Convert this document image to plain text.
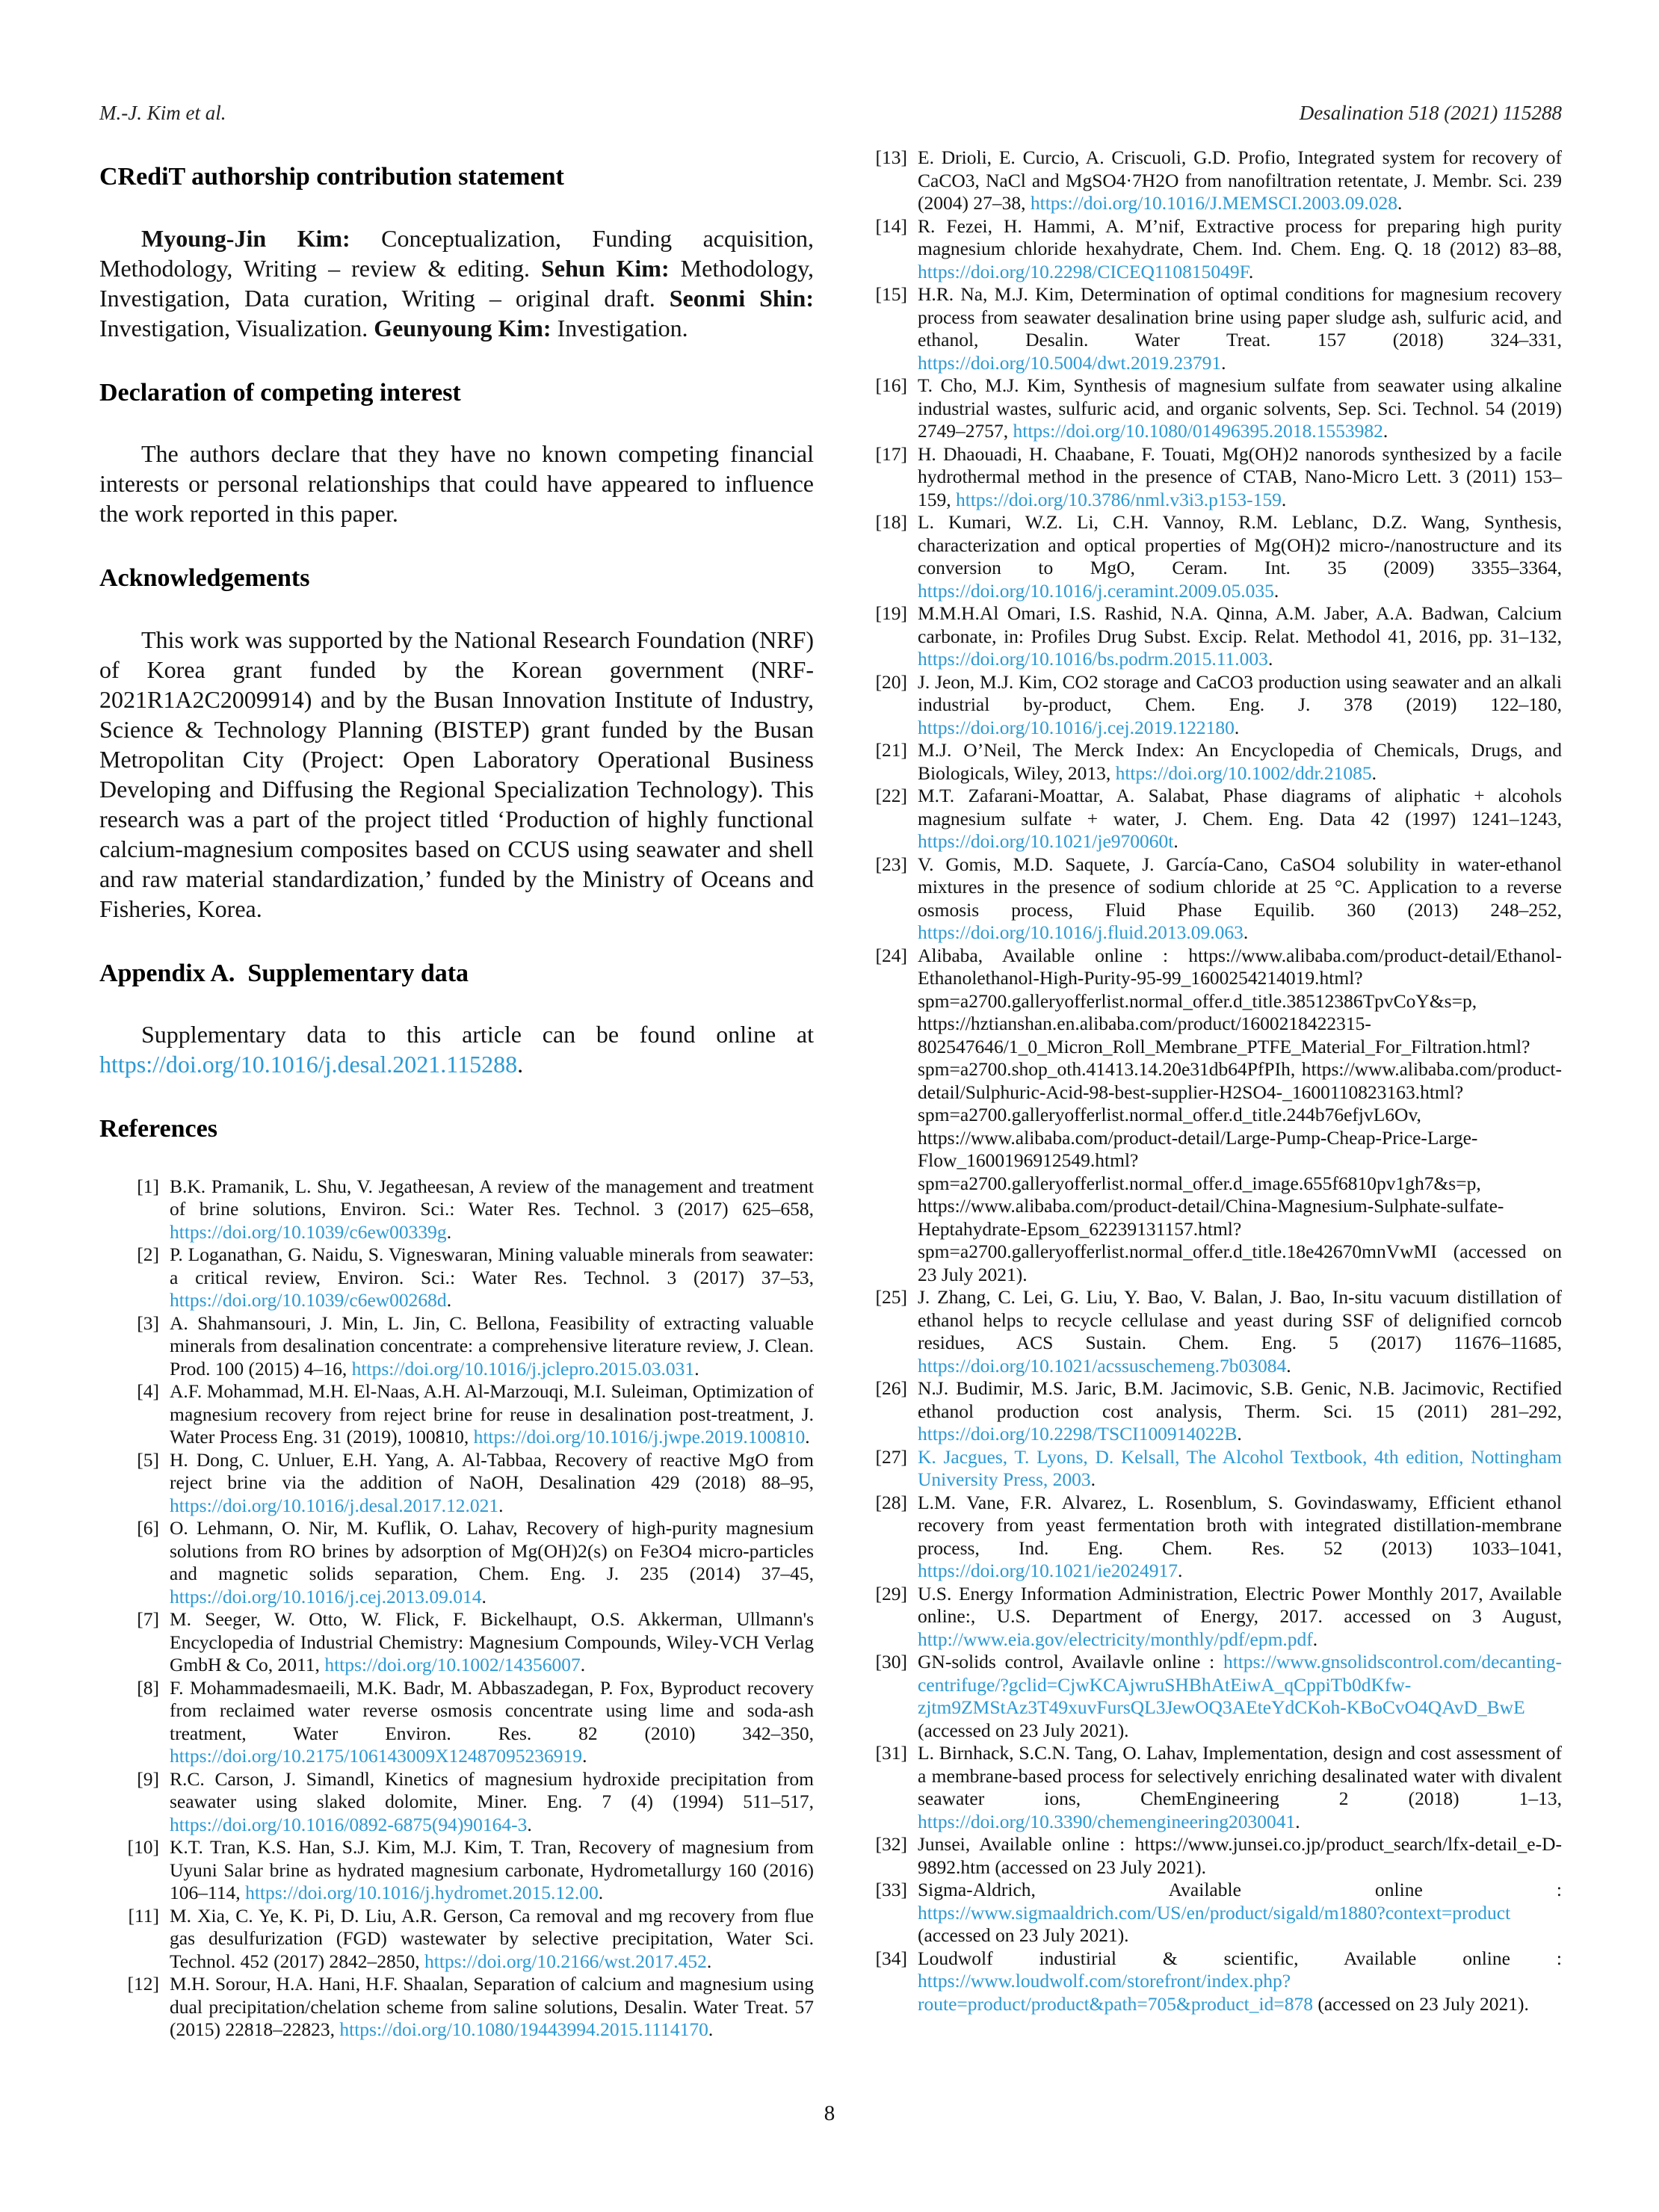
M.-J. Kim et al.	Desalination 518 (2021) 115288
CRediT authorship contribution statement

Myoung-Jin Kim: Conceptualization, Funding acquisition, Methodology, Writing – review & editing. Sehun Kim: Methodology, Investigation, Data curation, Writing – original draft. Seonmi Shin: Investigation, Visualization. Geunyoung Kim: Investigation.

Declaration of competing interest

The authors declare that they have no known competing financial interests or personal relationships that could have appeared to influence the work reported in this paper.

Acknowledgements

This work was supported by the National Research Foundation (NRF) of Korea grant funded by the Korean government (NRF-2021R1A2C2009914) and by the Busan Innovation Institute of Industry, Science & Technology Planning (BISTEP) grant funded by the Busan Metropolitan City (Project: Open Laboratory Operational Business Developing and Diffusing the Regional Specialization Technology). This research was a part of the project titled ‘Production of highly functional calcium-magnesium composites based on CCUS using seawater and shell and raw material standardization,’ funded by the Ministry of Oceans and Fisheries, Korea.

Appendix A.  Supplementary data

Supplementary data to this article can be found online at https://doi.org/10.1016/j.desal.2021.115288.

References
[1] B.K. Pramanik, L. Shu, V. Jegatheesan, A review of the management and treatment of brine solutions, Environ. Sci.: Water Res. Technol. 3 (2017) 625–658, https://doi.org/10.1039/c6ew00339g.
[2] P. Loganathan, G. Naidu, S. Vigneswaran, Mining valuable minerals from seawater: a critical review, Environ. Sci.: Water Res. Technol. 3 (2017) 37–53, https://doi.org/10.1039/c6ew00268d.
[3] A. Shahmansouri, J. Min, L. Jin, C. Bellona, Feasibility of extracting valuable minerals from desalination concentrate: a comprehensive literature review, J. Clean. Prod. 100 (2015) 4–16, https://doi.org/10.1016/j.jclepro.2015.03.031.
[4] A.F. Mohammad, M.H. El-Naas, A.H. Al-Marzouqi, M.I. Suleiman, Optimization of magnesium recovery from reject brine for reuse in desalination post-treatment, J. Water Process Eng. 31 (2019), 100810, https://doi.org/10.1016/j.jwpe.2019.100810.
[5] H. Dong, C. Unluer, E.H. Yang, A. Al-Tabbaa, Recovery of reactive MgO from reject brine via the addition of NaOH, Desalination 429 (2018) 88–95, https://doi.org/10.1016/j.desal.2017.12.021.
[6] O. Lehmann, O. Nir, M. Kuflik, O. Lahav, Recovery of high-purity magnesium solutions from RO brines by adsorption of Mg(OH)2(s) on Fe3O4 micro-particles and magnetic solids separation, Chem. Eng. J. 235 (2014) 37–45, https://doi.org/10.1016/j.cej.2013.09.014.
[7] M. Seeger, W. Otto, W. Flick, F. Bickelhaupt, O.S. Akkerman, Ullmann's Encyclopedia of Industrial Chemistry: Magnesium Compounds, Wiley-VCH Verlag GmbH & Co, 2011, https://doi.org/10.1002/14356007.
[8] F. Mohammadesmaeili, M.K. Badr, M. Abbaszadegan, P. Fox, Byproduct recovery from reclaimed water reverse osmosis concentrate using lime and soda-ash treatment, Water Environ. Res. 82 (2010) 342–350, https://doi.org/10.2175/106143009X12487095236919.
[9] R.C. Carson, J. Simandl, Kinetics of magnesium hydroxide precipitation from seawater using slaked dolomite, Miner. Eng. 7 (4) (1994) 511–517, https://doi.org/10.1016/0892-6875(94)90164-3.
[10] K.T. Tran, K.S. Han, S.J. Kim, M.J. Kim, T. Tran, Recovery of magnesium from Uyuni Salar brine as hydrated magnesium carbonate, Hydrometallurgy 160 (2016) 106–114, https://doi.org/10.1016/j.hydromet.2015.12.00.
[11] M. Xia, C. Ye, K. Pi, D. Liu, A.R. Gerson, Ca removal and mg recovery from flue gas desulfurization (FGD) wastewater by selective precipitation, Water Sci. Technol. 452 (2017) 2842–2850, https://doi.org/10.2166/wst.2017.452.
[12] M.H. Sorour, H.A. Hani, H.F. Shaalan, Separation of calcium and magnesium using dual precipitation/chelation scheme from saline solutions, Desalin. Water Treat. 57 (2015) 22818–22823, https://doi.org/10.1080/19443994.2015.1114170.
[13] E. Drioli, E. Curcio, A. Criscuoli, G.D. Profio, Integrated system for recovery of CaCO3, NaCl and MgSO4·7H2O from nanofiltration retentate, J. Membr. Sci. 239 (2004) 27–38, https://doi.org/10.1016/J.MEMSCI.2003.09.028.
[14] R. Fezei, H. Hammi, A. M’nif, Extractive process for preparing high purity magnesium chloride hexahydrate, Chem. Ind. Chem. Eng. Q. 18 (2012) 83–88, https://doi.org/10.2298/CICEQ110815049F.
[15] H.R. Na, M.J. Kim, Determination of optimal conditions for magnesium recovery process from seawater desalination brine using paper sludge ash, sulfuric acid, and ethanol, Desalin. Water Treat. 157 (2018) 324–331, https://doi.org/10.5004/dwt.2019.23791.
[16] T. Cho, M.J. Kim, Synthesis of magnesium sulfate from seawater using alkaline industrial wastes, sulfuric acid, and organic solvents, Sep. Sci. Technol. 54 (2019) 2749–2757, https://doi.org/10.1080/01496395.2018.1553982.
[17] H. Dhaouadi, H. Chaabane, F. Touati, Mg(OH)2 nanorods synthesized by a facile hydrothermal method in the presence of CTAB, Nano-Micro Lett. 3 (2011) 153–159, https://doi.org/10.3786/nml.v3i3.p153-159.
[18] L. Kumari, W.Z. Li, C.H. Vannoy, R.M. Leblanc, D.Z. Wang, Synthesis, characterization and optical properties of Mg(OH)2 micro-/nanostructure and its conversion to MgO, Ceram. Int. 35 (2009) 3355–3364, https://doi.org/10.1016/j.ceramint.2009.05.035.
[19] M.M.H.Al Omari, I.S. Rashid, N.A. Qinna, A.M. Jaber, A.A. Badwan, Calcium carbonate, in: Profiles Drug Subst. Excip. Relat. Methodol 41, 2016, pp. 31–132, https://doi.org/10.1016/bs.podrm.2015.11.003.
[20] J. Jeon, M.J. Kim, CO2 storage and CaCO3 production using seawater and an alkali industrial by-product, Chem. Eng. J. 378 (2019) 122–180, https://doi.org/10.1016/j.cej.2019.122180.
[21] M.J. O’Neil, The Merck Index: An Encyclopedia of Chemicals, Drugs, and Biologicals, Wiley, 2013, https://doi.org/10.1002/ddr.21085.
[22] M.T. Zafarani-Moattar, A. Salabat, Phase diagrams of aliphatic + alcohols magnesium sulfate + water, J. Chem. Eng. Data 42 (1997) 1241–1243, https://doi.org/10.1021/je970060t.
[23] V. Gomis, M.D. Saquete, J. García-Cano, CaSO4 solubility in water-ethanol mixtures in the presence of sodium chloride at 25 °C. Application to a reverse osmosis process, Fluid Phase Equilib. 360 (2013) 248–252, https://doi.org/10.1016/j.fluid.2013.09.063.
[24] Alibaba, Available online : https://www.alibaba.com/product-detail/Ethanol-Ethanolethanol-High-Purity-95-99_1600254214019.html?spm=a2700.galleryofferlist.normal_offer.d_title.38512386TpvCoY&s=p, https://hztianshan.en.alibaba.com/product/1600218422315-802547646/1_0_Micron_Roll_Membrane_PTFE_Material_For_Filtration.html?spm=a2700.shop_oth.41413.14.20e31db64PfPIh, https://www.alibaba.com/product-detail/Sulphuric-Acid-98-best-supplier-H2SO4-_1600110823163.html?spm=a2700.galleryofferlist.normal_offer.d_title.244b76efjvL6Ov, https://www.alibaba.com/product-detail/Large-Pump-Cheap-Price-Large-Flow_1600196912549.html?spm=a2700.galleryofferlist.normal_offer.d_image.655f6810pv1gh7&s=p, https://www.alibaba.com/product-detail/China-Magnesium-Sulphate-sulfate-Heptahydrate-Epsom_62239131157.html?spm=a2700.galleryofferlist.normal_offer.d_title.18e42670mnVwMI (accessed on 23 July 2021).
[25] J. Zhang, C. Lei, G. Liu, Y. Bao, V. Balan, J. Bao, In-situ vacuum distillation of ethanol helps to recycle cellulase and yeast during SSF of delignified corncob residues, ACS Sustain. Chem. Eng. 5 (2017) 11676–11685, https://doi.org/10.1021/acssuschemeng.7b03084.
[26] N.J. Budimir, M.S. Jaric, B.M. Jacimovic, S.B. Genic, N.B. Jacimovic, Rectified ethanol production cost analysis, Therm. Sci. 15 (2011) 281–292, https://doi.org/10.2298/TSCI100914022B.
[27] K. Jacgues, T. Lyons, D. Kelsall, The Alcohol Textbook, 4th edition, Nottingham University Press, 2003.
[28] L.M. Vane, F.R. Alvarez, L. Rosenblum, S. Govindaswamy, Efficient ethanol recovery from yeast fermentation broth with integrated distillation-membrane process, Ind. Eng. Chem. Res. 52 (2013) 1033–1041, https://doi.org/10.1021/ie2024917.
[29] U.S. Energy Information Administration, Electric Power Monthly 2017, Available online:, U.S. Department of Energy, 2017. accessed on 3 August, http://www.eia.gov/electricity/monthly/pdf/epm.pdf.
[30] GN-solids control, Availavle online : https://www.gnsolidscontrol.com/decanting-centrifuge/?gclid=CjwKCAjwruSHBhAtEiwA_qCppiTb0dKfw-zjtm9ZMStAz3T49xuvFursQL3JewOQ3AEteYdCKoh-KBoCvO4QAvD_BwE (accessed on 23 July 2021).
[31] L. Birnhack, S.C.N. Tang, O. Lahav, Implementation, design and cost assessment of a membrane-based process for selectively enriching desalinated water with divalent seawater ions, ChemEngineering 2 (2018) 1–13, https://doi.org/10.3390/chemengineering2030041.
[32] Junsei, Available online : https://www.junsei.co.jp/product_search/lfx-detail_e-D-9892.htm (accessed on 23 July 2021).
[33] Sigma-Aldrich, Available online : https://www.sigmaaldrich.com/US/en/product/sigald/m1880?context=product (accessed on 23 July 2021).
[34] Loudwolf industirial & scientific, Available online : https://www.loudwolf.com/storefront/index.php?route=product/product&path=705&product_id=878 (accessed on 23 July 2021).
8
